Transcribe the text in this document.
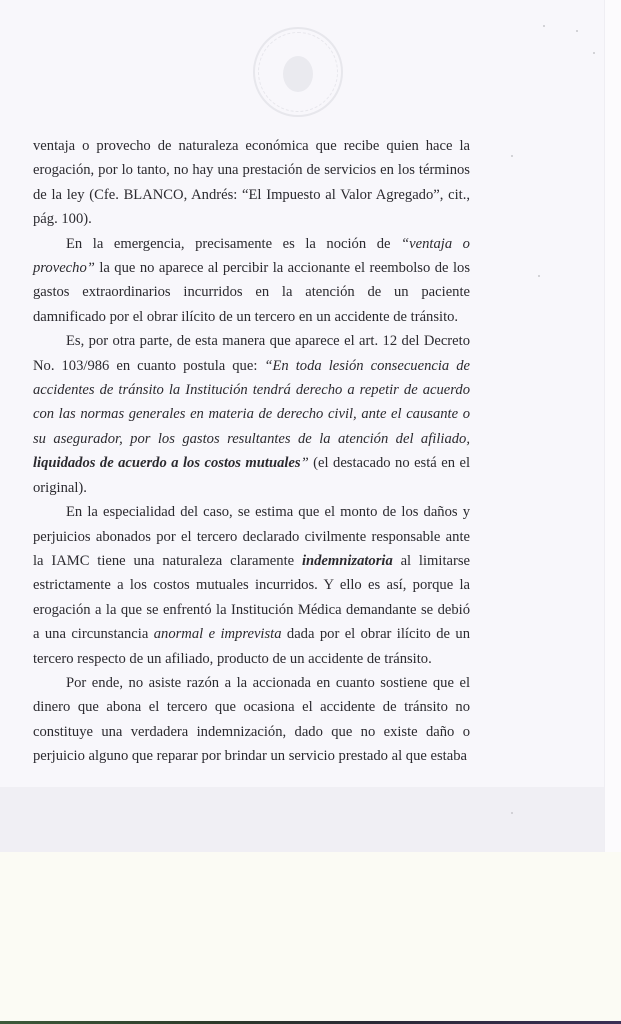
ventaja o provecho de naturaleza económica que recibe quien hace la erogación, por lo tanto, no hay una prestación de servicios en los términos de la ley (Cfe. BLANCO, Andrés: “El Impuesto al Valor Agregado”, cit., pág. 100).

En la emergencia, precisamente es la noción de “ventaja o provecho” la que no aparece al percibir la accionante el reembolso de los gastos extraordinarios incurridos en la atención de un paciente damnificado por el obrar ilícito de un tercero en un accidente de tránsito.

Es, por otra parte, de esta manera que aparece el art. 12 del Decreto No. 103/986 en cuanto postula que: “En toda lesión consecuencia de accidentes de tránsito la Institución tendrá derecho a repetir de acuerdo con las normas generales en materia de derecho civil, ante el causante o su asegurador, por los gastos resultantes de la atención del afiliado, liquidados de acuerdo a los costos mutuales” (el destacado no está en el original).

En la especialidad del caso, se estima que el monto de los daños y perjuicios abonados por el tercero declarado civilmente responsable ante la IAMC tiene una naturaleza claramente indemnizatoria al limitarse estrictamente a los costos mutuales incurridos. Y ello es así, porque la erogación a la que se enfrentó la Institución Médica demandante se debió a una circunstancia anormal e imprevista dada por el obrar ilícito de un tercero respecto de un afiliado, producto de un accidente de tránsito.

Por ende, no asiste razón a la accionada en cuanto sostiene que el dinero que abona el tercero que ocasiona el accidente de tránsito no constituye una verdadera indemnización, dado que no existe daño o perjuicio alguno que reparar por brindar un servicio prestado al que estaba
